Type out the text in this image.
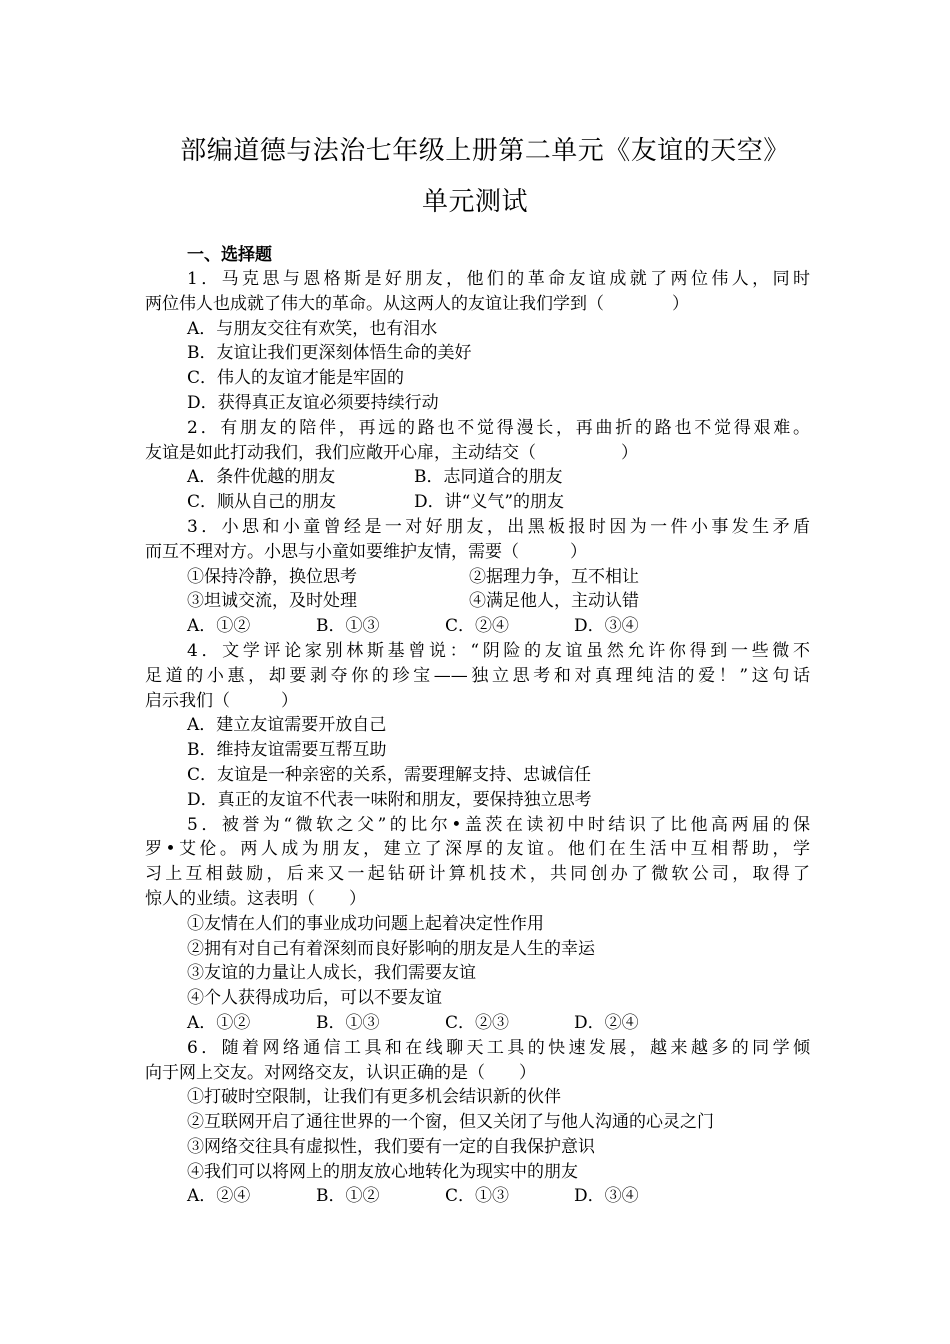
部编道德与法治七年级上册第二单元《友谊的天空》
单元测试
一、选择题
1．马克思与恩格斯是好朋友，他们的革命友谊成就了两位伟人，同时
两位伟人也成就了伟大的革命。从这两人的友谊让我们学到（　　　　）
A．与朋友交往有欢笑，也有泪水
B．友谊让我们更深刻体悟生命的美好
C．伟人的友谊才能是牢固的
D．获得真正友谊必须要持续行动
2．有朋友的陪伴，再远的路也不觉得漫长，再曲折的路也不觉得艰难。
友谊是如此打动我们，我们应敞开心扉，主动结交（　　　　　）
A．条件优越的朋友	B．志同道合的朋友
C．顺从自己的朋友	D．讲“义气”的朋友
3．小思和小童曾经是一对好朋友，出黑板报时因为一件小事发生矛盾
而互不理对方。小思与小童如要维护友情，需要（　　　）
①保持冷静，换位思考	②据理力争，互不相让
③坦诚交流，及时处理	④满足他人，主动认错
A．①②	B．①③	C．②④	D．③④
4．文学评论家别林斯基曾说：“阴险的友谊虽然允许你得到一些微不
足道的小惠，却要剥夺你的珍宝——独立思考和对真理纯洁的爱！”这句话
启示我们（　　　）
A．建立友谊需要开放自己
B．维持友谊需要互帮互助
C．友谊是一种亲密的关系，需要理解支持、忠诚信任
D．真正的友谊不代表一味附和朋友，要保持独立思考
5．被誉为“微软之父”的比尔•盖茨在读初中时结识了比他高两届的保
罗•艾伦。两人成为朋友，建立了深厚的友谊。他们在生活中互相帮助，学
习上互相鼓励，后来又一起钻研计算机技术，共同创办了微软公司，取得了
惊人的业绩。这表明（　　）
①友情在人们的事业成功问题上起着决定性作用
②拥有对自己有着深刻而良好影响的朋友是人生的幸运
③友谊的力量让人成长，我们需要友谊
④个人获得成功后，可以不要友谊
A．①②	B．①③	C．②③	D．②④
6．随着网络通信工具和在线聊天工具的快速发展，越来越多的同学倾
向于网上交友。对网络交友，认识正确的是（　　）
①打破时空限制，让我们有更多机会结识新的伙伴
②互联网开启了通往世界的一个窗，但又关闭了与他人沟通的心灵之门
③网络交往具有虚拟性，我们要有一定的自我保护意识
④我们可以将网上的朋友放心地转化为现实中的朋友
A．②④	B．①②	C．①③	D．③④
